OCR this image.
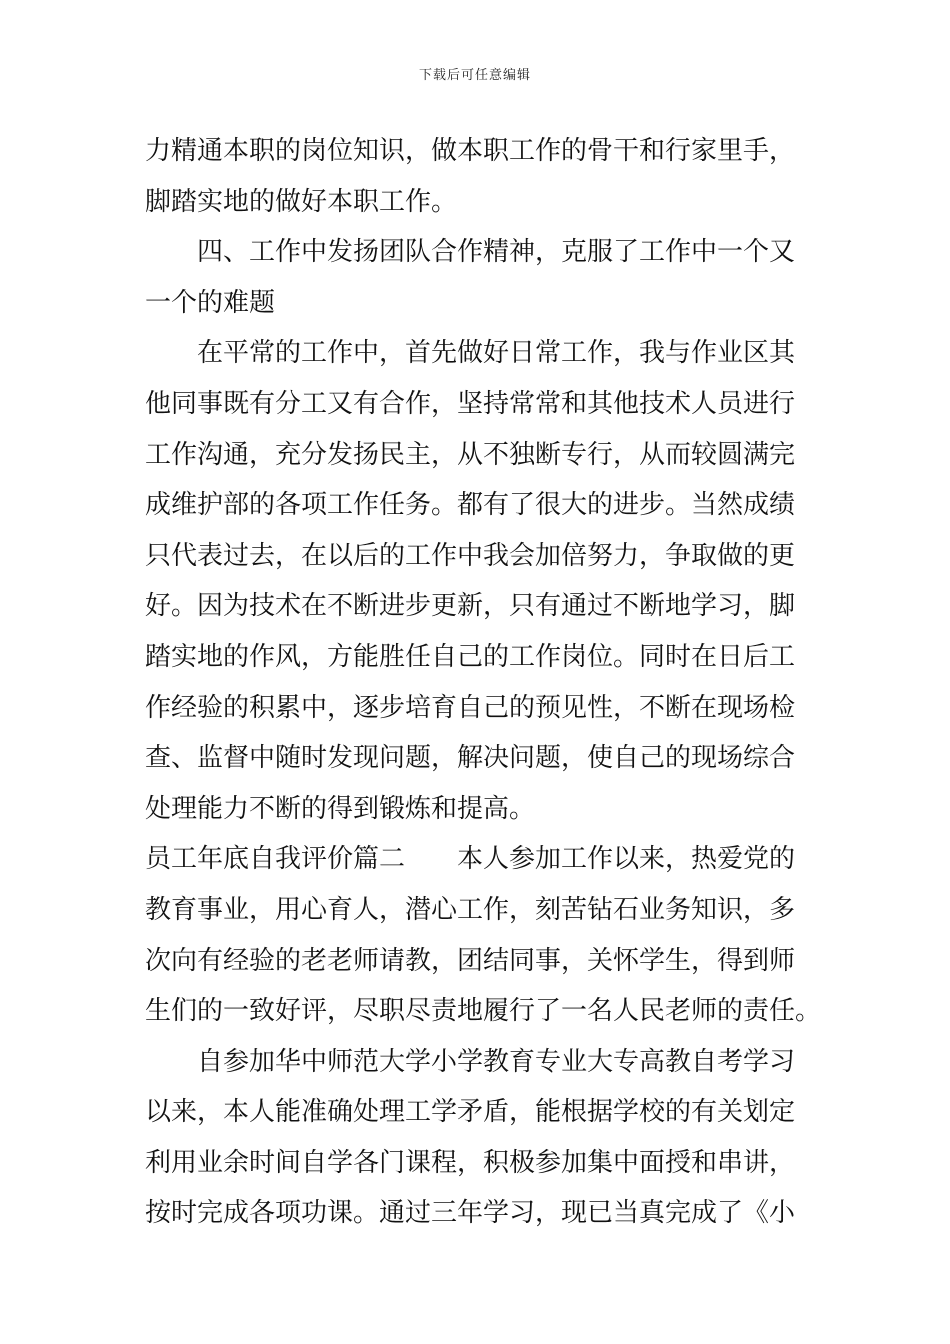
下载后可任意编辑
力精通本职的岗位知识，做本职工作的骨干和行家里手，
脚踏实地的做好本职工作。
四、工作中发扬团队合作精神，克服了工作中一个又
一个的难题
在平常的工作中，首先做好日常工作，我与作业区其
他同事既有分工又有合作，坚持常常和其他技术人员进行
工作沟通，充分发扬民主，从不独断专行，从而较圆满完
成维护部的各项工作任务。都有了很大的进步。当然成绩
只代表过去，在以后的工作中我会加倍努力，争取做的更
好。因为技术在不断进步更新，只有通过不断地学习，脚
踏实地的作风，方能胜任自己的工作岗位。同时在日后工
作经验的积累中，逐步培育自己的预见性，不断在现场检
查、监督中随时发现问题，解决问题，使自己的现场综合
处理能力不断的得到锻炼和提高。
员工年底自我评价篇二 本人参加工作以来，热爱党的
教育事业，用心育人，潜心工作，刻苦钻石业务知识，多
次向有经验的老老师请教，团结同事，关怀学生，得到师
生们的一致好评，尽职尽责地履行了一名人民老师的责任。
自参加华中师范大学小学教育专业大专高教自考学习
以来，本人能准确处理工学矛盾，能根据学校的有关划定
利用业余时间自学各门课程，积极参加集中面授和串讲，
按时完成各项功课。通过三年学习，现已当真完成了《小
